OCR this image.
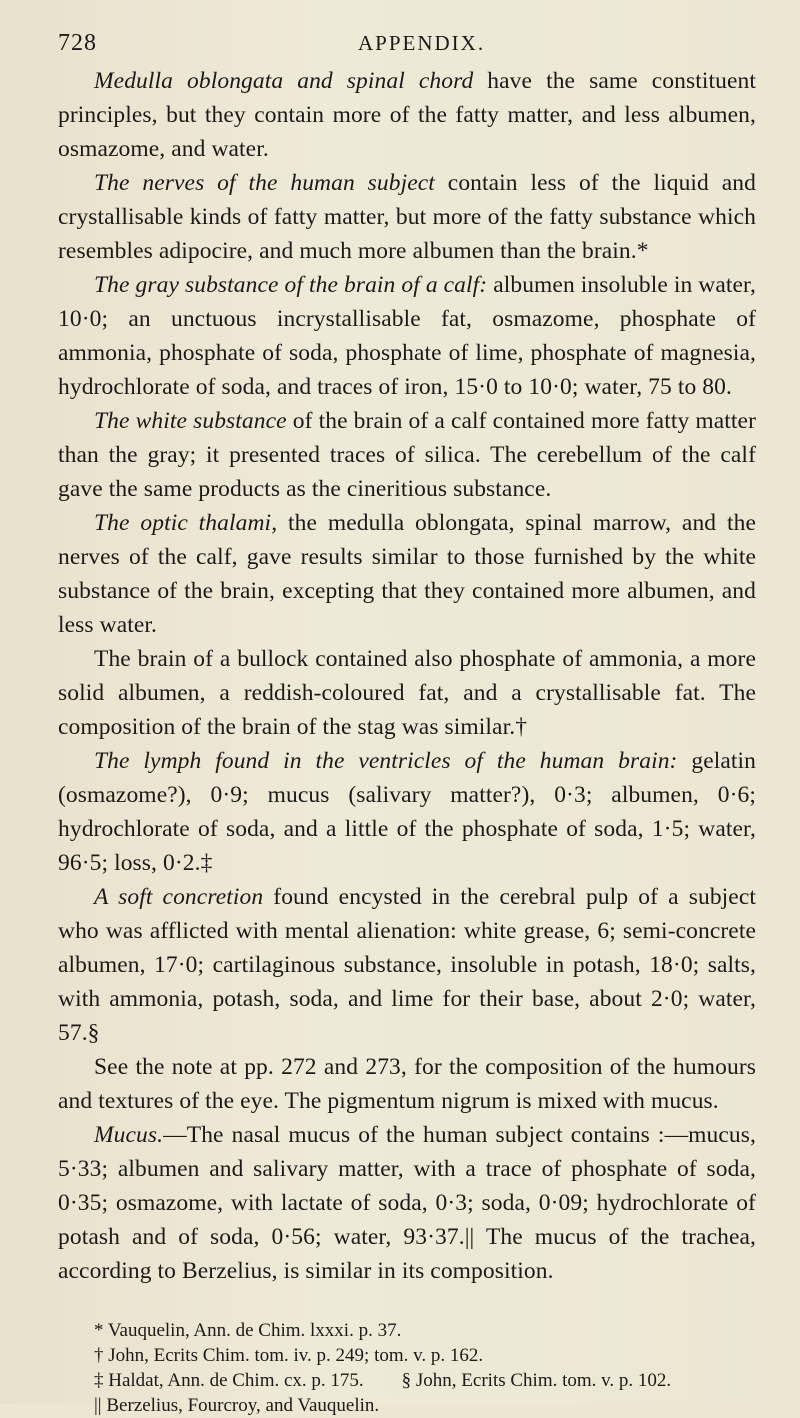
728	APPENDIX.

Medulla oblongata and spinal chord have the same constituent principles, but they contain more of the fatty matter, and less albumen, osmazome, and water.

The nerves of the human subject contain less of the liquid and crystallisable kinds of fatty matter, but more of the fatty substance which resembles adipocire, and much more albumen than the brain.*

The gray substance of the brain of a calf: albumen insoluble in water, 10·0; an unctuous incrystallisable fat, osmazome, phosphate of ammonia, phosphate of soda, phosphate of lime, phosphate of magnesia, hydrochlorate of soda, and traces of iron, 15·0 to 10·0; water, 75 to 80.

The white substance of the brain of a calf contained more fatty matter than the gray; it presented traces of silica. The cerebellum of the calf gave the same products as the cineritious substance.

The optic thalami, the medulla oblongata, spinal marrow, and the nerves of the calf, gave results similar to those furnished by the white substance of the brain, excepting that they contained more albumen, and less water.

The brain of a bullock contained also phosphate of ammonia, a more solid albumen, a reddish-coloured fat, and a crystallisable fat. The composition of the brain of the stag was similar.†

The lymph found in the ventricles of the human brain: gelatin (osmazome?), 0·9; mucus (salivary matter?), 0·3; albumen, 0·6; hydrochlorate of soda, and a little of the phosphate of soda, 1·5; water, 96·5; loss, 0·2.‡

A soft concretion found encysted in the cerebral pulp of a subject who was afflicted with mental alienation: white grease, 6; semi-concrete albumen, 17·0; cartilaginous substance, insoluble in potash, 18·0; salts, with ammonia, potash, soda, and lime for their base, about 2·0; water, 57.§

See the note at pp. 272 and 273, for the composition of the humours and textures of the eye. The pigmentum nigrum is mixed with mucus.

Mucus.—The nasal mucus of the human subject contains :—mucus, 5·33; albumen and salivary matter, with a trace of phosphate of soda, 0·35; osmazome, with lactate of soda, 0·3; soda, 0·09; hydrochlorate of potash and of soda, 0·56; water, 93·37.|| The mucus of the trachea, according to Berzelius, is similar in its composition.

* Vauquelin, Ann. de Chim. lxxxi. p. 37.

† John, Ecrits Chim. tom. iv. p. 249; tom. v. p. 162.

‡ Haldat, Ann. de Chim. cx. p. 175.        § John, Ecrits Chim. tom. v. p. 102.

|| Berzelius, Fourcroy, and Vauquelin.
